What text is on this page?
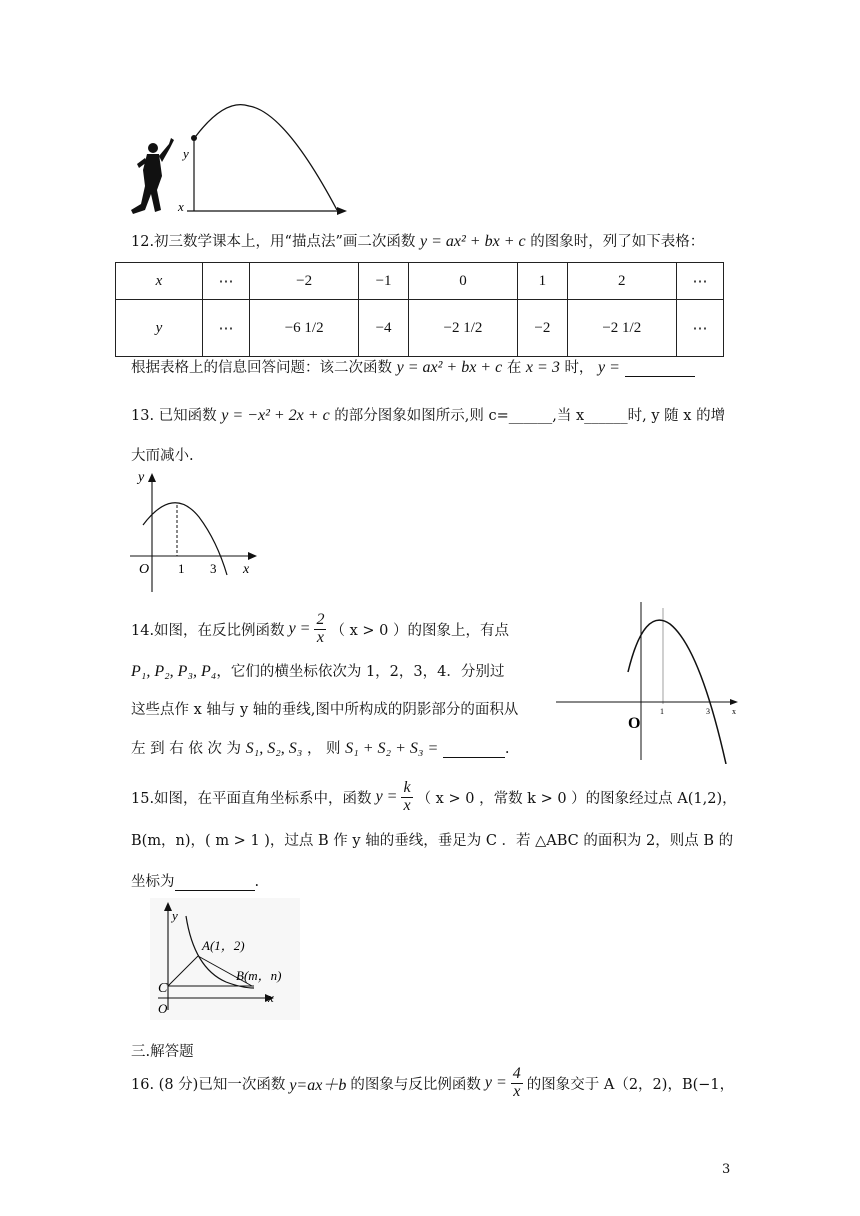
y
x
12.初三数学课本上，用“描点法”画二次函数 y = ax² + bx + c 的图象时，列了如下表格：
x	⋯	−2	−1	0	1	2	⋯
y	⋯	−6 1/2	−4	−2 1/2	−2	−2 1/2	⋯
根据表格上的信息回答问题：该二次函数 y = ax² + bx + c 在 x = 3 时， y =
13. 已知函数 y = −x² + 2x + c 的部分图象如图所示,则 c=______,当 x______时, y 随 x 的增
大而减小.
y
x
O 1 3
14.如图，在反比例函数 $y = \frac{2}{x}$ （ x > 0 ）的图象上，有点
P₁, P₂, P₃, P₄，它们的横坐标依次为 1，2，3，4．分别过
这些点作 x 轴与 y 轴的垂线,图中所构成的阴影部分的面积从
左 到 右 依 次 为 S₁, S₂, S₃ ， 则 S₁ + S₂ + S₃ =	.
O
1	3	x
15.如图，在平面直角坐标系中，函数 $y = \frac{k}{x}$ （ x > 0 ，常数 k > 0 ）的图象经过点 A(1,2)，
B(m，n)，( m > 1 )，过点 B 作 y 轴的垂线，垂足为 C ．若 △ABC 的面积为 2，则点 B 的
坐标为	.
y
x
C
O
A(1，2)
B(m，n)
三.解答题
16. (8 分)已知一次函数 y=ax＋b 的图象与反比例函数 $y = \frac{4}{x}$ 的图象交于 A（2，2)，B(−1，
3
